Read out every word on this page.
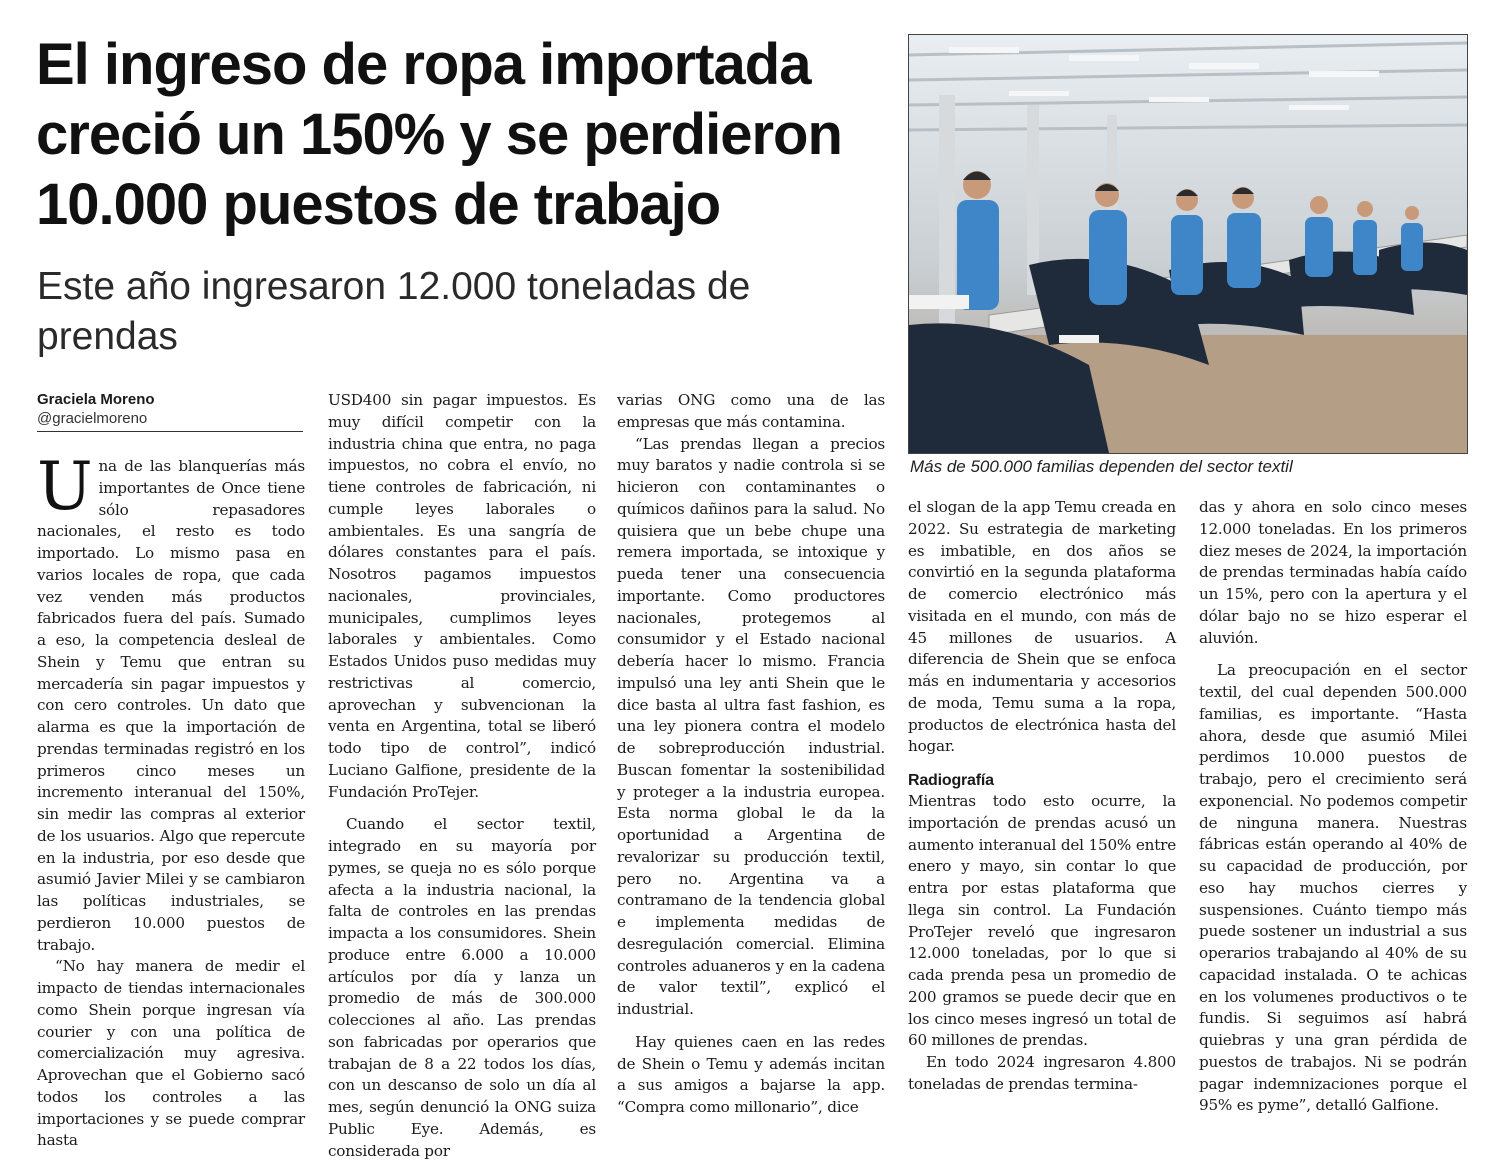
El ingreso de ropa importada creció un 150% y se perdieron 10.000 puestos de trabajo
Este año ingresaron 12.000 toneladas de prendas
Más de 500.000 familias dependen del sector textil
Graciela Moreno
@gracielmoreno
U na de las blanquerías más importantes de Once tiene sólo repasadores nacionales, el resto es todo importado. Lo mismo pasa en varios locales de ropa, que cada vez venden más productos fabricados fuera del país. Sumado a eso, la competencia desleal de Shein y Temu que entran su mercadería sin pagar impuestos y con cero controles. Un dato que alarma es que la importación de prendas terminadas registró en los primeros cinco meses un incremento interanual del 150%, sin medir las compras al exterior de los usuarios. Algo que repercute en la industria, por eso desde que asumió Javier Milei y se cambiaron las políticas industriales, se perdieron 10.000 puestos de trabajo.

“No hay manera de medir el impacto de tiendas internacionales como Shein porque ingresan vía courier y con una política de comercialización muy agresiva. Aprovechan que el Gobierno sacó todos los controles a las importaciones y se puede comprar hasta

USD400 sin pagar impuestos. Es muy difícil competir con la industria china que entra, no paga impuestos, no cobra el envío, no tiene controles de fabricación, ni cumple leyes laborales o ambientales. Es una sangría de dólares constantes para el país. Nosotros pagamos impuestos nacionales, provinciales, municipales, cumplimos leyes laborales y ambientales. Como Estados Unidos puso medidas muy restrictivas al comercio, aprovechan y subvencionan la venta en Argentina, total se liberó todo tipo de control”, indicó Luciano Galfione, presidente de la Fundación ProTejer.

Cuando el sector textil, integrado en su mayoría por pymes, se queja no es sólo porque afecta a la industria nacional, la falta de controles en las prendas impacta a los consumidores. Shein produce entre 6.000 a 10.000 artículos por día y lanza un promedio de más de 300.000 colecciones al año. Las prendas son fabricadas por operarios que trabajan de 8 a 22 todos los días, con un descanso de solo un día al mes, según denunció la ONG suiza Public Eye. Además, es considerada por

varias ONG como una de las empresas que más contamina.

“Las prendas llegan a precios muy baratos y nadie controla si se hicieron con contaminantes o químicos dañinos para la salud. No quisiera que un bebe chupe una remera importada, se intoxique y pueda tener una consecuencia importante. Como productores nacionales, protegemos al consumidor y el Estado nacional debería hacer lo mismo. Francia impulsó una ley anti Shein que le dice basta al ultra fast fashion, es una ley pionera contra el modelo de sobreproducción industrial. Buscan fomentar la sostenibilidad y proteger a la industria europea. Esta norma global le da la oportunidad a Argentina de revalorizar su producción textil, pero no. Argentina va a contramano de la tendencia global e implementa medidas de desregulación comercial. Elimina controles aduaneros y en la cadena de valor textil”, explicó el industrial.

Hay quienes caen en las redes de Shein o Temu y además incitan a sus amigos a bajarse la app. “Compra como millonario”, dice

el slogan de la app Temu creada en 2022. Su estrategia de marketing es imbatible, en dos años se convirtió en la segunda plataforma de comercio electrónico más visitada en el mundo, con más de 45 millones de usuarios. A diferencia de Shein que se enfoca más en indumentaria y accesorios de moda, Temu suma a la ropa, productos de electrónica hasta del hogar.

Radiografía

Mientras todo esto ocurre, la importación de prendas acusó un aumento interanual del 150% entre enero y mayo, sin contar lo que entra por estas plataforma que llega sin control. La Fundación ProTejer reveló que ingresaron 12.000 toneladas, por lo que si cada prenda pesa un promedio de 200 gramos se puede decir que en los cinco meses ingresó un total de 60 millones de prendas.

En todo 2024 ingresaron 4.800 toneladas de prendas termina-

das y ahora en solo cinco meses 12.000 toneladas. En los primeros diez meses de 2024, la importación de prendas terminadas había caído un 15%, pero con la apertura y el dólar bajo no se hizo esperar el aluvión.

La preocupación en el sector textil, del cual dependen 500.000 familias, es importante. “Hasta ahora, desde que asumió Milei perdimos 10.000 puestos de trabajo, pero el crecimiento será exponencial. No podemos competir de ninguna manera. Nuestras fábricas están operando al 40% de su capacidad de producción, por eso hay muchos cierres y suspensiones. Cuánto tiempo más puede sostener un industrial a sus operarios trabajando al 40% de su capacidad instalada. O te achicas en los volumenes productivos o te fundis. Si seguimos así habrá quiebras y una gran pérdida de puestos de trabajos. Ni se podrán pagar indemnizaciones porque el 95% es pyme”, detalló Galfione.
